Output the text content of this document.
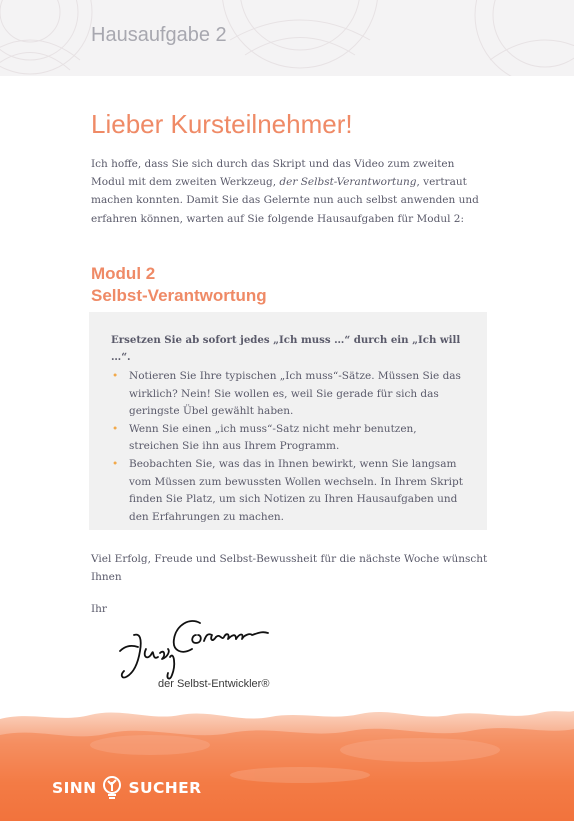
Hausaufgabe 2
Lieber Kursteilnehmer!

Ich hoffe, dass Sie sich durch das Skript und das Video zum zweiten Modul mit dem zweiten Werkzeug, der Selbst-Verantwortung, vertraut machen konnten. Damit Sie das Gelernte nun auch selbst anwenden und erfahren können, warten auf Sie folgende Hausaufgaben für Modul 2:

Modul 2
Selbst-Verantwortung

Ersetzen Sie ab sofort jedes „Ich muss …“ durch ein „Ich will …“.

• Notieren Sie Ihre typischen „Ich muss“-Sätze. Müssen Sie das wirklich? Nein! Sie wollen es, weil Sie gerade für sich das geringste Übel gewählt haben.
• Wenn Sie einen „ich muss“-Satz nicht mehr benutzen, streichen Sie ihn aus Ihrem Programm.
• Beobachten Sie, was das in Ihnen bewirkt, wenn Sie langsam vom Müssen zum bewussten Wollen wechseln. In Ihrem Skript finden Sie Platz, um sich Notizen zu Ihren Hausaufgaben und den Erfahrungen zu machen.

Viel Erfolg, Freude und Selbst-Bewussheit für die nächste Woche wünscht Ihnen

Ihr
der Selbst-Entwickler®
SINN SUCHER
